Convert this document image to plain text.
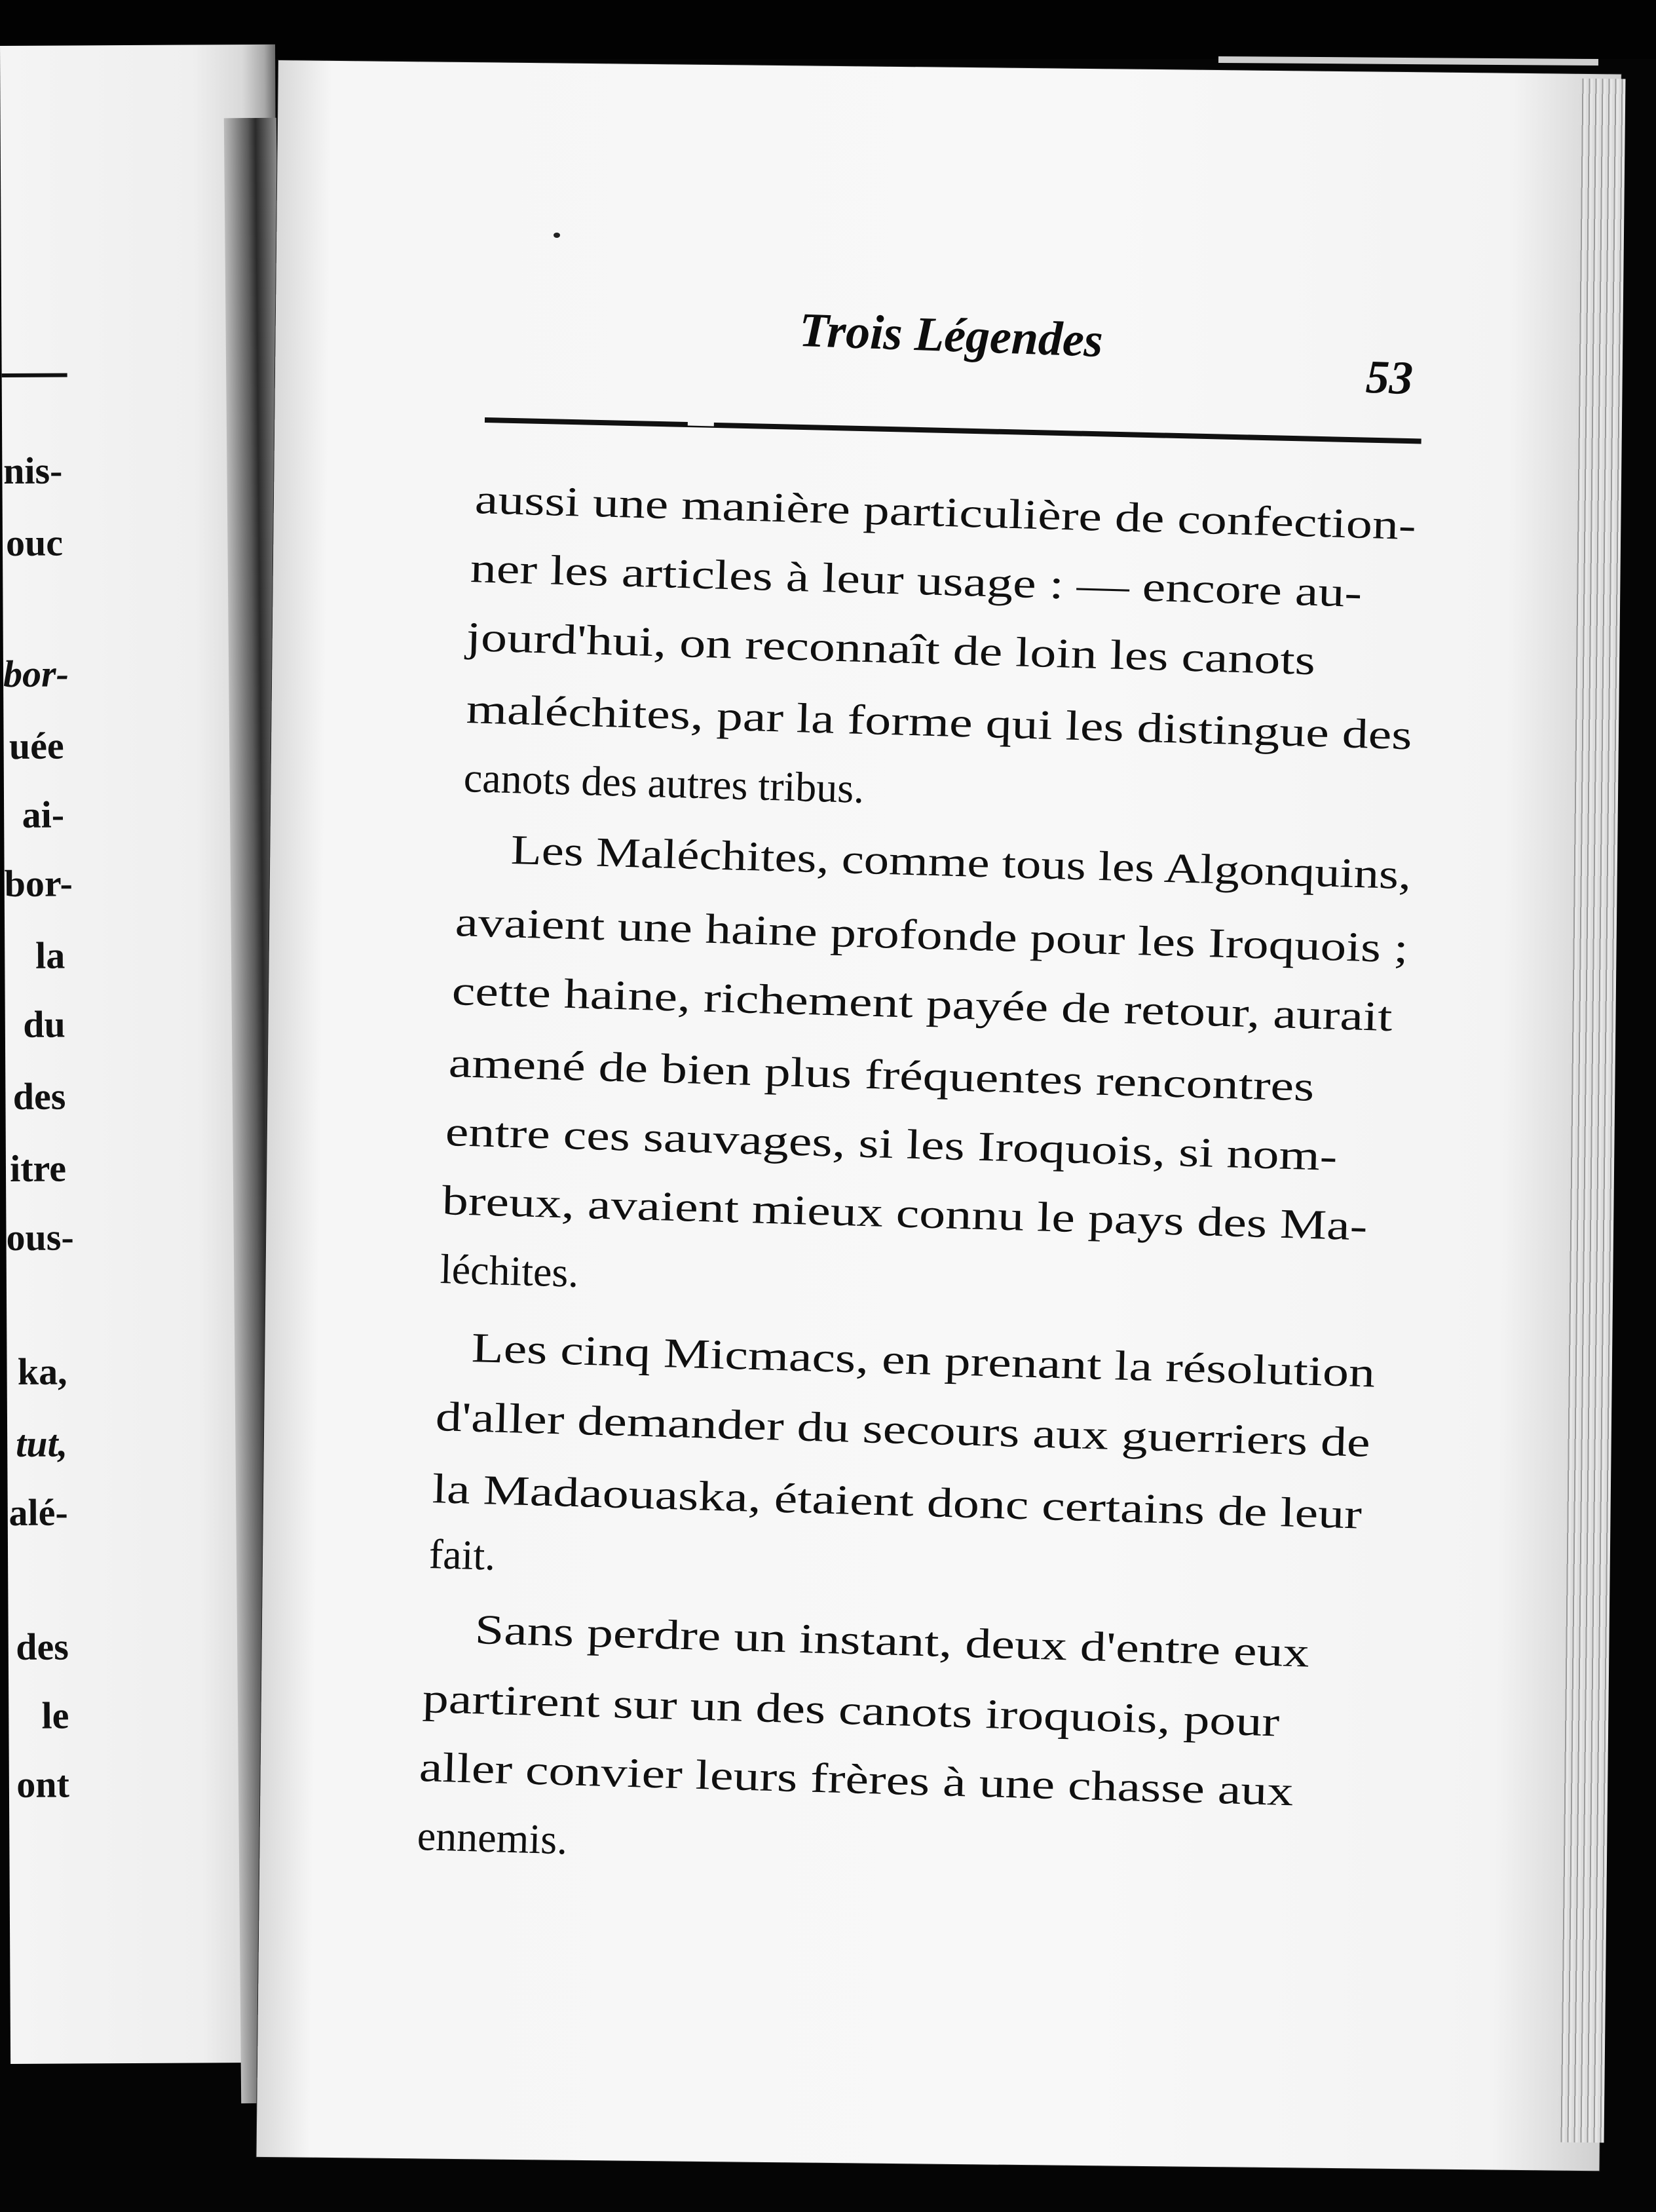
nis-
ouc
bor-
uée
ai-
bor-
la
du
des
itre
ous-
ka,
tut,
alé-
des
le
ont
Trois Légendes
53
aussi une manière particulière de confection-
ner les articles à leur usage : — encore au-
jourd'hui, on reconnaît de loin les canots
maléchites, par la forme qui les distingue des
canots des autres tribus.
Les Maléchites, comme tous les Algonquins,
avaient une haine profonde pour les Iroquois ;
cette haine, richement payée de retour, aurait
amené de bien plus fréquentes rencontres
entre ces sauvages, si les Iroquois, si nom-
breux, avaient mieux connu le pays des Ma-
léchites.
Les cinq Micmacs, en prenant la résolution
d'aller demander du secours aux guerriers de
la Madaouaska, étaient donc certains de leur
fait.
Sans perdre un instant, deux d'entre eux
partirent sur un des canots iroquois, pour
aller convier leurs frères à une chasse aux
ennemis.
